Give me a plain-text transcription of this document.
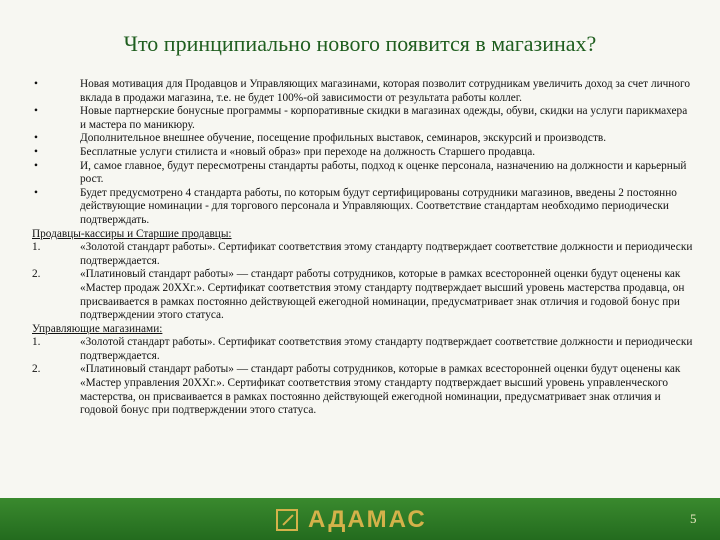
Что принципиально нового появится в магазинах?
•	Новая мотивация для Продавцов и Управляющих магазинами, которая позволит сотрудникам увеличить доход за счет личного вклада в продажи магазина, т.е. не будет 100%-ой зависимости от результата работы коллег.
•	Новые партнерские бонусные программы - корпоративные скидки в магазинах одежды, обуви, скидки на услуги парикмахера и мастера по маникюру.
•	Дополнительное внешнее обучение, посещение профильных выставок, семинаров, экскурсий и производств.
•	Бесплатные услуги стилиста и «новый образ» при переходе на должность Старшего продавца.
•	И, самое главное, будут пересмотрены стандарты работы, подход к оценке персонала, назначению на должности и карьерный рост.
•	Будет предусмотрено 4 стандарта работы, по которым будут сертифицированы сотрудники магазинов, введены 2 постоянно действующие номинации - для торгового персонала и Управляющих. Соответствие стандартам необходимо периодически подтверждать.
Продавцы-кассиры и Старшие продавцы:
1.	«Золотой стандарт работы». Сертификат соответствия этому стандарту подтверждает соответствие должности и периодически подтверждается.
2.	«Платиновый стандарт работы» — стандарт работы сотрудников, которые в рамках всесторонней оценки будут оценены как «Мастер продаж 20XXг.». Сертификат соответствия этому стандарту подтверждает высший уровень мастерства продавца, он присваивается в рамках постоянно действующей ежегодной номинации, предусматривает знак отличия и годовой бонус при подтверждении этого статуса.
Управляющие магазинами:
1.	«Золотой стандарт работы». Сертификат соответствия этому стандарту подтверждает соответствие должности и периодически подтверждается.
2.	«Платиновый стандарт работы» — стандарт работы сотрудников, которые в рамках всесторонней оценки будут оценены как «Мастер управления 20XXг.». Сертификат соответствия этому стандарту подтверждает высший уровень управленческого мастерства, он присваивается в рамках постоянно действующей ежегодной номинации, предусматривает знак отличия и годовой бонус при подтверждении этого статуса.
АДАМАС	5
